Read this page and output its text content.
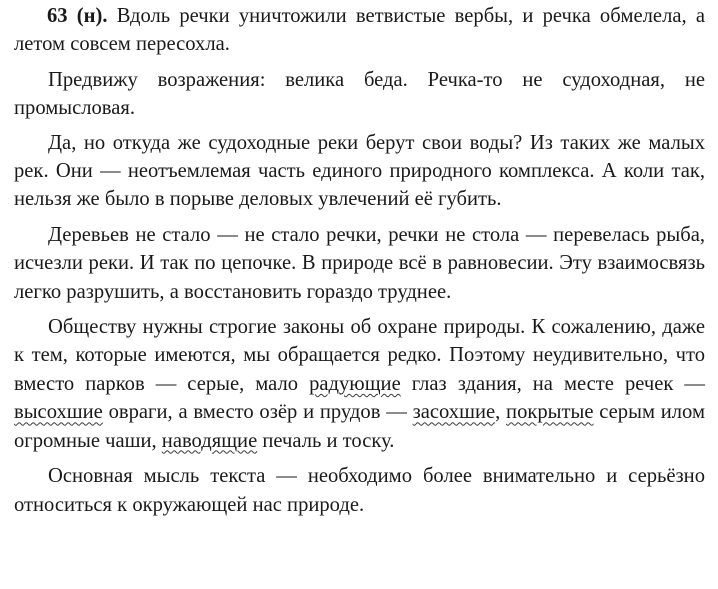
63 (н). Вдоль речки уничтожили ветвистые вербы, и речка обмелела, а летом совсем пересохла.

Предвижу возражения: велика беда. Речка-то не судоходная, не промысловая.

Да, но откуда же судоходные реки берут свои воды? Из таких же малых рек. Они — неотъемлемая часть единого природного комплекса. А коли так, нельзя же было в порыве деловых увлечений её губить.

Деревьев не стало — не стало речки, речки не стола — перевелась рыба, исчезли реки. И так по цепочке. В природе всё в равновесии. Эту взаимосвязь легко разрушить, а восстановить гораздо труднее.

Обществу нужны строгие законы об охране природы. К сожалению, даже к тем, которые имеются, мы обращается редко. Поэтому неудивительно, что вместо парков — серые, мало радующие глаз здания, на месте речек — высохшие овраги, а вместо озёр и прудов — засохшие, покрытые серым илом огромные чаши, наводящие печаль и тоску.

Основная мысль текста — необходимо более внимательно и серьёзно относиться к окружающей нас природе.
